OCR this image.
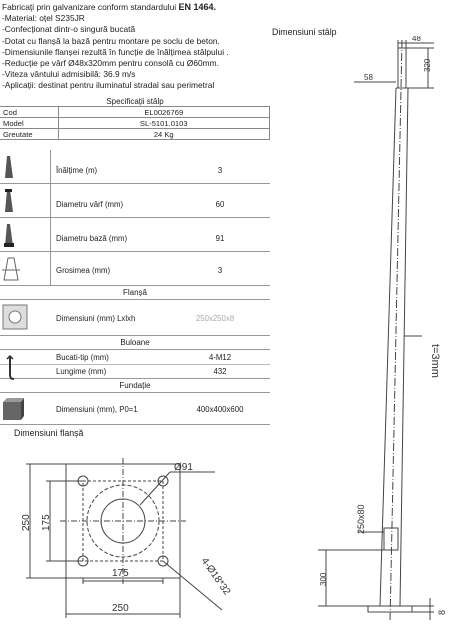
Fabricați prin galvanizare conform standardului EN 1464.
-Material: oțel S235JR
-Confecționat dintr-o singură bucată
-Dotat cu flanșă la bază pentru montare pe soclu de beton.
-Dimensiunile flanșei rezultă în funcție de înălțimea stâlpului .
-Reducție pe vârf Ø48x320mm pentru consolă cu Ø60mm.
-Viteza vântului admisibilă: 36.9 m/s
-Aplicații: destinat pentru iluminatul stradal sau perimetral
Specificații stâlp
Cod	EL0026769
Model	SL-5101.0103
Greutate	24 Kg
Înălțime (m)	3
Diametru vârf (mm)	60
Diametru bază (mm)	91
Grosimea (mm)	3
Flanșă
Dimensiuni (mm) Lxlxh	250x250x8
Buloane
Bucati-tip (mm)	4-M12
Lungime (mm)	432
Fundație
Dimensiuni (mm), P0=1	400x400x600
Dimensiuni flanșă
250 175
175
250
Ø91
4-Ø18*32
Dimensiuni stâlp
48
320
58
t=3mm
250x80
300
8
